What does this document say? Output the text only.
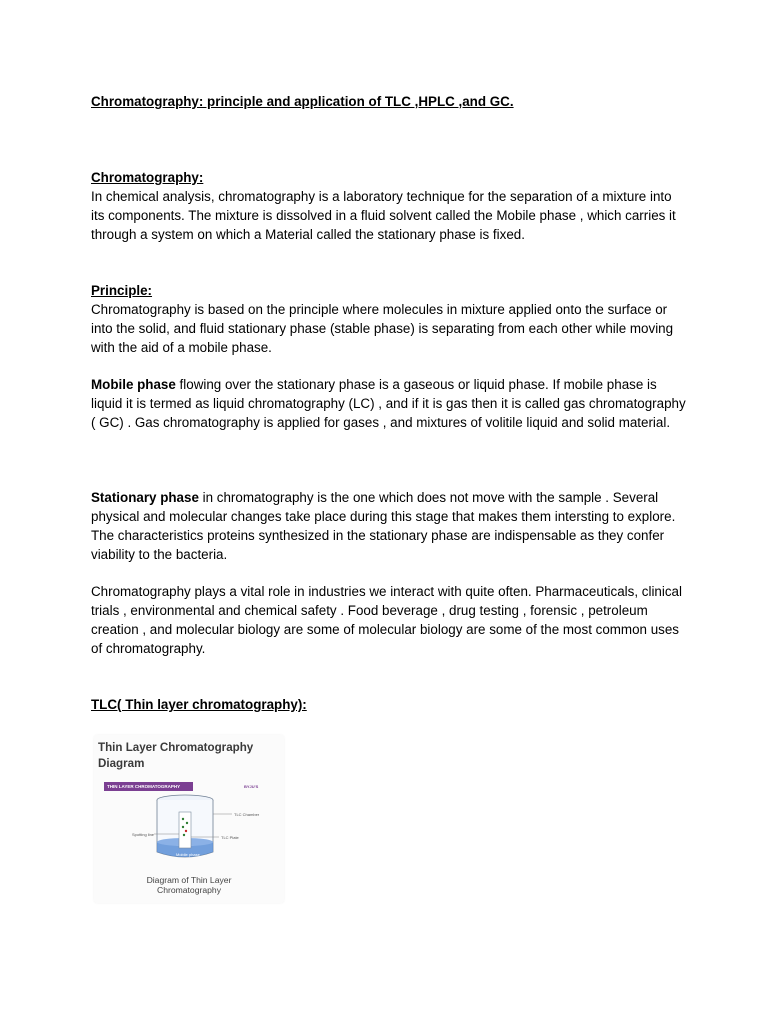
Chromatography: principle and application of TLC ,HPLC ,and GC.

Chromatography:

In chemical analysis, chromatography is a laboratory technique for the separation of a mixture into its components. The mixture is dissolved in a fluid solvent called the Mobile phase , which carries it through a system on which a Material called the stationary phase is fixed.

Principle:

Chromatography is based on the principle where molecules in mixture applied onto the surface or into the solid, and fluid stationary phase (stable phase) is separating from each other while moving with the aid of a mobile phase.

Mobile phase flowing over the stationary phase is a gaseous or liquid phase. If mobile phase is liquid it is termed as liquid chromatography (LC) , and if it is gas then it is called gas chromatography ( GC) . Gas chromatography is applied for gases , and mixtures of volitile liquid and solid material.

Stationary phase in chromatography is the one which does not move with the sample . Several physical and molecular changes take place during this stage that makes them intersting to explore. The characteristics proteins synthesized in the stationary phase are indispensable as they confer viability to the bacteria.

Chromatography plays a vital role in industries we interact with quite often. Pharmaceuticals, clinical trials , environmental and chemical safety . Food beverage , drug testing , forensic , petroleum creation , and molecular biology are some of molecular biology are some of the most common uses of chromatography.

TLC( Thin layer chromatography):

Thin Layer Chromatography Diagram

THIN LAYER CHROMATOGRAPHY	BYJU'S
TLC Chamber
TLC Plate
Spotting line
Mobile phase

Diagram of Thin Layer Chromatography
